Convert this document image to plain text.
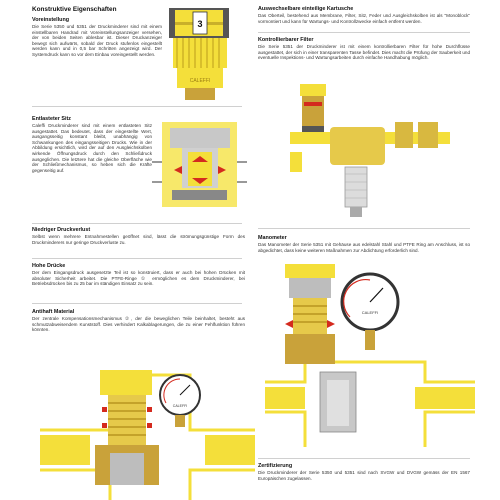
Konstruktive Eigenschaften
Voreinstellung
Die Serie 5350 und 5351 der Druckminderer sind mit einem einstellbaren Handrad mit Voreinstellungsanzeiger versehen, der von beiden Seiten ablesbar ist. Dieser Druckanzeiger bewegt sich aufwärts, sobald der Druck stufenlos eingestellt werden kann und in 0,5 bar Schritten angezeigt wird. Der Systemdruck kann so vor dem Einbau voreingestellt werden.
3
CALEFFI
Entlasteter Sitz
Caleffi Druckminderer sind mit einem entlasteten Sitz ausgestattet. Das bedeutet, dass der eingestellte Wert, ausgangsseitig konstant bleibt, unabhängig von Schwankungen des eingangsseitigen Drucks. Wie in der Abbildung ersichtlich, wird der auf den Ausgleichskolben wirkende Öffnungsdruck durch den Schließdruck ausgeglichen. Die letztere hat die gleiche Oberfläche wie der Schließmechanismus, so heben sich die Kräfte gegenseitig auf.
Niedriger Druckverlust
Selbst wenn mehrere Entnahmestellen geöffnet sind, lässt die strömungsgünstige Form des Druckminderers nur geringe Druckverluste zu.
Hohe Drücke
Der dem Eingangsdruck ausgesetzte Teil ist so konstruiert, dass er auch bei hohen Drücken mit absoluter Sicherheit arbeitet. Die PTFE-Ringe ① ermöglichen es dem Druckminderer, bei Betriebsdrücken bis zu 25 bar im ständigen Einsatz zu sein.
Antihaft Material
Der zentrale Kompensationsmechanismus ②, der die beweglichen Teile beinhaltet, besteht aus schmutzabweisendem Kunststoff. Dies verhindert Kalkablagerungen, die zu einer Fehlfunktion führen könnten.
CALEFFI
Auswechselbare einteilige Kartusche
Das Oberteil, bestehend aus Membrane, Filter, Sitz, Feder und Ausgleichskolben ist als "Monoblock" vormontiert und kann für Wartungs- und Kontrollzwecke einfach entfernt werden.
Kontrollierbarer Filter
Die Serie 5351 der Druckminderer ist mit einem kontrollierbaren Filter für hohe Durchflüsse ausgestattet, der sich in einer transparenten Tasse befindet. Dies macht die Prüfung der Sauberkeit und eventuelle Inspektions- und Wartungsarbeiten durch einfache Handhabung möglich.
Manometer
Das Manometer der Serie 5351 mit Gehäuse aus edelstahl Stahl und PTFE Ring am Anschluss, ist so abgedichtet, dass keine weiteren Maßnahmen zur Abdichtung erforderlich sind.
CALEFFI
Zertifizierung
Die Druckminderer der Serie 5350 und 5351 sind nach SVGW und DVGW gemäss der EN 1567 Europäischen zugelassen.
